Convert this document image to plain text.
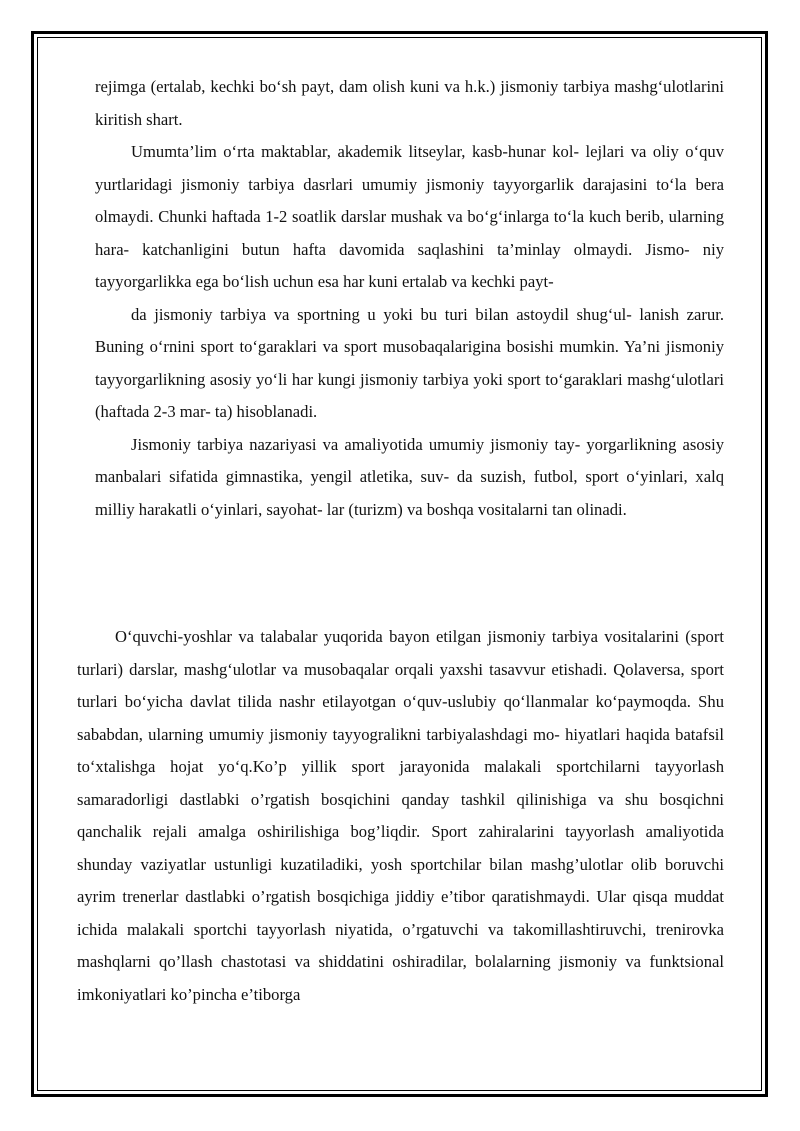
rejimga (ertalab, kechki bo‘sh payt, dam olish kuni va h.k.) jismoniy tarbiya mashg‘ulotlarini kiritish shart.

Umumta’lim o‘rta maktablar, akademik litseylar, kasb-hunar kol- lejlari va oliy o‘quv yurtlaridagi jismoniy tarbiya dasrlari umumiy jismoniy tayyorgarlik darajasini to‘la bera olmaydi. Chunki haftada 1-2 soatlik darslar mushak va bo‘g‘inlarga to‘la kuch berib, ularning hara- katchanligini butun hafta davomida saqlashini ta’minlay olmaydi. Jismo- niy tayyorgarlikka ega bo‘lish uchun esa har kuni ertalab va kechki payt-

da jismoniy tarbiya va sportning u yoki bu turi bilan astoydil shug‘ul- lanish zarur. Buning o‘rnini sport to‘garaklari va sport musobaqalarigina bosishi mumkin. Ya’ni jismoniy tayyorgarlikning asosiy yo‘li har kungi jismoniy tarbiya yoki sport to‘garaklari mashg‘ulotlari (haftada 2-3 mar- ta) hisoblanadi.

Jismoniy tarbiya nazariyasi va amaliyotida umumiy jismoniy tay- yorgarlikning asosiy manbalari sifatida gimnastika, yengil atletika, suv- da suzish, futbol, sport o‘yinlari, xalq milliy harakatli o‘yinlari, sayohat- lar (turizm) va boshqa vositalarni tan olinadi.

O‘quvchi-yoshlar va talabalar yuqorida bayon etilgan jismoniy tarbiya vositalarini (sport turlari) darslar, mashg‘ulotlar va musobaqalar orqali yaxshi tasavvur etishadi. Qolaversa, sport turlari bo‘yicha davlat tilida nashr etilayotgan o‘quv-uslubiy qo‘llanmalar ko‘paymoqda. Shu sababdan, ularning umumiy jismoniy tayyogralikni tarbiyalashdagi mo- hiyatlari haqida batafsil to‘xtalishga hojat yo‘q.Ko’p yillik sport jarayonida malakali sportchilarni tayyorlash samaradorligi dastlabki o’rgatish bosqichini qanday tashkil qilinishiga va shu bosqichni qanchalik rejali amalga oshirilishiga bog’liqdir. Sport zahiralarini tayyorlash amaliyotida shunday vaziyatlar ustunligi kuzatiladiki, yosh sportchilar bilan mashg’ulotlar olib boruvchi ayrim trenerlar dastlabki o’rgatish bosqichiga jiddiy e’tibor qaratishmaydi. Ular qisqa muddat ichida malakali sportchi tayyorlash niyatida, o’rgatuvchi va takomillashtiruvchi, trenirovka mashqlarni qo’llash chastotasi va shiddatini oshiradilar, bolalarning jismoniy va funktsional imkoniyatlari ko’pincha e’tiborga
